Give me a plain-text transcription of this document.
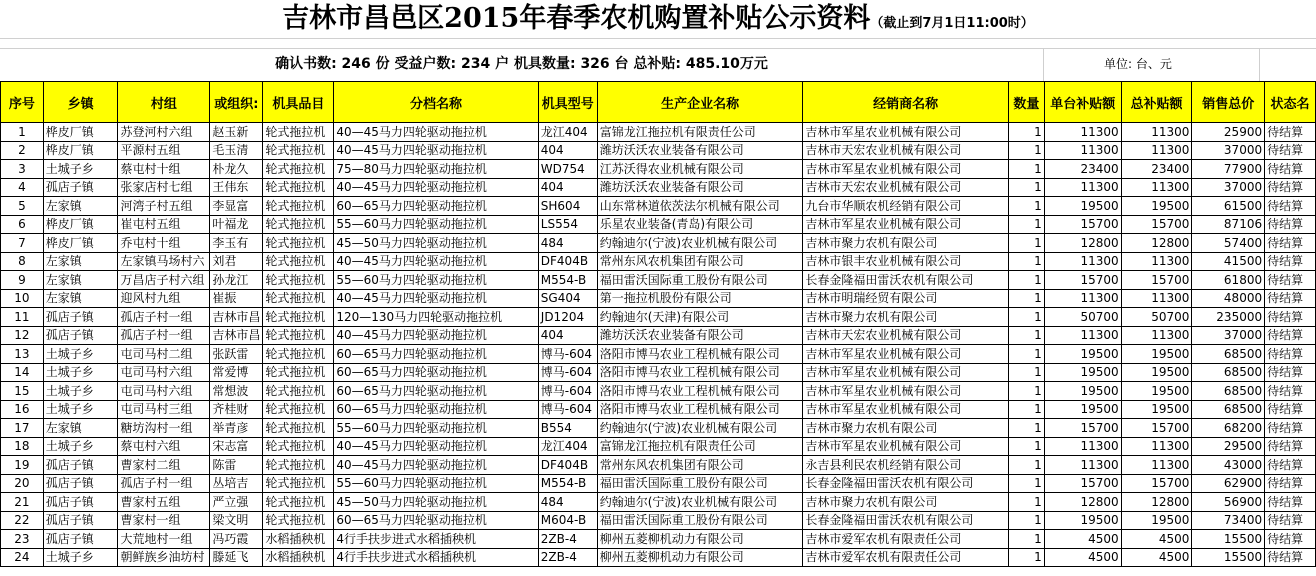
吉林市昌邑区2015年春季农机购置补贴公示资料（截止到7月1日11:00时）
确认书数: 246 份 受益户数: 234 户 机具数量: 326 台 总补贴: 485.10万元	单位: 台、元
序号	乡镇	村组	或组织:	机具品目	分档名称	机具型号	生产企业名称	经销商名称	数量	单台补贴额	总补贴额	销售总价	状态名
1	桦皮厂镇	苏登河村六组	赵玉新	轮式拖拉机	40—45马力四轮驱动拖拉机	龙江404	富锦龙江拖拉机有限责任公司	吉林市军星农业机械有限公司	1	11300	11300	25900	待结算
2	桦皮厂镇	平源村五组	毛玉清	轮式拖拉机	40—45马力四轮驱动拖拉机	404	潍坊沃沃农业装备有限公司	吉林市天宏农业机械有限公司	1	11300	11300	37000	待结算
3	土城子乡	蔡屯村十组	朴龙久	轮式拖拉机	75—80马力四轮驱动拖拉机	WD754	江苏沃得农业机械有限公司	吉林市军星农业机械有限公司	1	23400	23400	77900	待结算
4	孤店子镇	张家店村七组	王伟东	轮式拖拉机	40—45马力四轮驱动拖拉机	404	潍坊沃沃农业装备有限公司	吉林市天宏农业机械有限公司	1	11300	11300	37000	待结算
5	左家镇	河湾子村五组	李显富	轮式拖拉机	60—65马力四轮驱动拖拉机	SH604	山东常林道依茨法尔机械有限公司	九台市华顺农机经销有限公司	1	19500	19500	61500	待结算
6	桦皮厂镇	崔屯村五组	叶福龙	轮式拖拉机	55—60马力四轮驱动拖拉机	LS554	乐星农业装备(青岛)有限公司	吉林市军星农业机械有限公司	1	15700	15700	87106	待结算
7	桦皮厂镇	乔屯村十组	李玉有	轮式拖拉机	45—50马力四轮驱动拖拉机	484	约翰迪尔(宁波)农业机械有限公司	吉林市聚力农机有限公司	1	12800	12800	57400	待结算
8	左家镇	左家镇马场村六	刘君	轮式拖拉机	40—45马力四轮驱动拖拉机	DF404B	常州东风农机集团有限公司	吉林市银丰农业机械有限公司	1	11300	11300	41500	待结算
9	左家镇	万昌店子村六组	孙龙江	轮式拖拉机	55—60马力四轮驱动拖拉机	M554-B	福田雷沃国际重工股份有限公司	长春金隆福田雷沃农机有限公司	1	15700	15700	61800	待结算
10	左家镇	迎风村九组	崔振	轮式拖拉机	40—45马力四轮驱动拖拉机	SG404	第一拖拉机股份有限公司	吉林市明瑞经贸有限公司	1	11300	11300	48000	待结算
11	孤店子镇	孤店子村一组	吉林市昌	轮式拖拉机	120—130马力四轮驱动拖拉机	JD1204	约翰迪尔(天津)有限公司	吉林市聚力农机有限公司	1	50700	50700	235000	待结算
12	孤店子镇	孤店子村一组	吉林市昌	轮式拖拉机	40—45马力四轮驱动拖拉机	404	潍坊沃沃农业装备有限公司	吉林市天宏农业机械有限公司	1	11300	11300	37000	待结算
13	土城子乡	屯司马村二组	张跃雷	轮式拖拉机	60—65马力四轮驱动拖拉机	博马-604	洛阳市博马农业工程机械有限公司	吉林市军星农业机械有限公司	1	19500	19500	68500	待结算
14	土城子乡	屯司马村六组	常爱博	轮式拖拉机	60—65马力四轮驱动拖拉机	博马-604	洛阳市博马农业工程机械有限公司	吉林市军星农业机械有限公司	1	19500	19500	68500	待结算
15	土城子乡	屯司马村六组	常想波	轮式拖拉机	60—65马力四轮驱动拖拉机	博马-604	洛阳市博马农业工程机械有限公司	吉林市军星农业机械有限公司	1	19500	19500	68500	待结算
16	土城子乡	屯司马村三组	齐桂财	轮式拖拉机	60—65马力四轮驱动拖拉机	博马-604	洛阳市博马农业工程机械有限公司	吉林市军星农业机械有限公司	1	19500	19500	68500	待结算
17	左家镇	糖坊沟村一组	举青彦	轮式拖拉机	55—60马力四轮驱动拖拉机	B554	约翰迪尔(宁波)农业机械有限公司	吉林市聚力农机有限公司	1	15700	15700	68200	待结算
18	土城子乡	蔡屯村六组	宋志富	轮式拖拉机	40—45马力四轮驱动拖拉机	龙江404	富锦龙江拖拉机有限责任公司	吉林市军星农业机械有限公司	1	11300	11300	29500	待结算
19	孤店子镇	曹家村二组	陈雷	轮式拖拉机	40—45马力四轮驱动拖拉机	DF404B	常州东风农机集团有限公司	永吉县利民农机经销有限公司	1	11300	11300	43000	待结算
20	孤店子镇	孤店子村一组	丛培吉	轮式拖拉机	55—60马力四轮驱动拖拉机	M554-B	福田雷沃国际重工股份有限公司	长春金隆福田雷沃农机有限公司	1	15700	15700	62900	待结算
21	孤店子镇	曹家村五组	严立强	轮式拖拉机	45—50马力四轮驱动拖拉机	484	约翰迪尔(宁波)农业机械有限公司	吉林市聚力农机有限公司	1	12800	12800	56900	待结算
22	孤店子镇	曹家村一组	梁文明	轮式拖拉机	60—65马力四轮驱动拖拉机	M604-B	福田雷沃国际重工股份有限公司	长春金隆福田雷沃农机有限公司	1	19500	19500	73400	待结算
23	孤店子镇	大荒地村一组	冯巧霞	水稻插秧机	4行手扶步进式水稻插秧机	2ZB-4	柳州五菱柳机动力有限公司	吉林市爱军农机有限责任公司	1	4500	4500	15500	待结算
24	土城子乡	朝鲜族乡油坊村	滕延飞	水稻插秧机	4行手扶步进式水稻插秧机	2ZB-4	柳州五菱柳机动力有限公司	吉林市爱军农机有限责任公司	1	4500	4500	15500	待结算
